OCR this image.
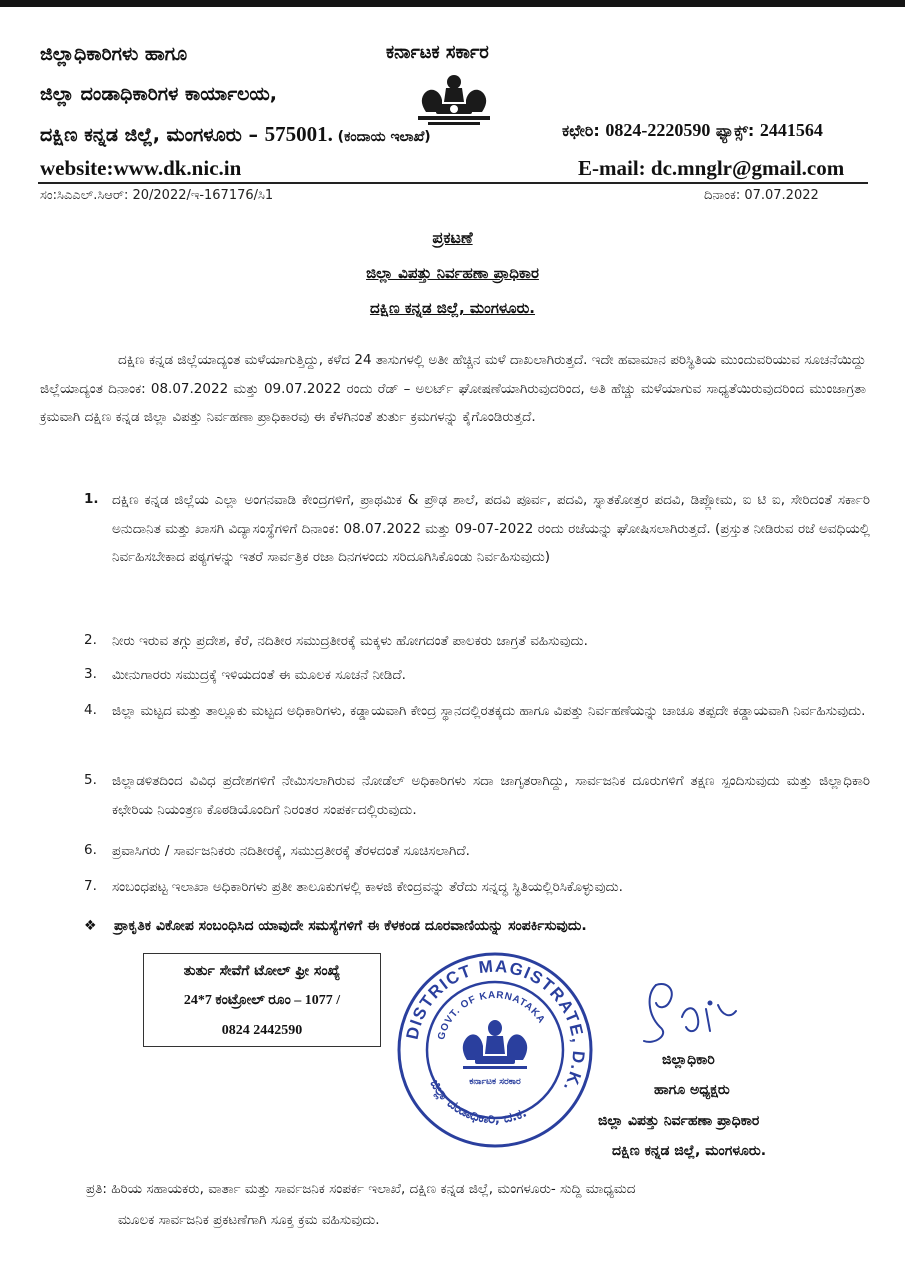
ಜಿಲ್ಲಾಧಿಕಾರಿಗಳು ಹಾಗೂ
ಜಿಲ್ಲಾ ದಂಡಾಧಿಕಾರಿಗಳ ಕಾರ್ಯಾಲಯ,
ದಕ್ಷಿಣ ಕನ್ನಡ ಜಿಲ್ಲೆ, ಮಂಗಳೂರು – 575001. (ಕಂದಾಯ ಇಲಾಖೆ)
ಕರ್ನಾಟಕ ಸರ್ಕಾರ
ಕಛೇರಿ: 0824-2220590 ಫ್ಯಾಕ್ಸ್: 2441564
website:www.dk.nic.in	E-mail: dc.mnglr@gmail.com
ಸಂ:ಸಿಎಎಲ್.ಸಿಆರ್: 20/2022/ಇ-167176/ಸಿ1	ದಿನಾಂಕ: 07.07.2022
ಪ್ರಕಟಣೆ
ಜಿಲ್ಲಾ ವಿಪತ್ತು ನಿರ್ವಹಣಾ ಪ್ರಾಧಿಕಾರ
ದಕ್ಷಿಣ ಕನ್ನಡ ಜಿಲ್ಲೆ, ಮಂಗಳೂರು.
ದಕ್ಷಿಣ ಕನ್ನಡ ಜಿಲ್ಲೆಯಾದ್ಯಂತ ಮಳೆಯಾಗುತ್ತಿದ್ದು, ಕಳೆದ 24 ತಾಸುಗಳಲ್ಲಿ ಅತೀ ಹೆಚ್ಚಿನ ಮಳೆ ದಾಖಲಾಗಿರುತ್ತದೆ. ಇದೇ ಹವಾಮಾನ ಪರಿಸ್ಥಿತಿಯ ಮುಂದುವರಿಯುವ ಸೂಚನೆಯಿದ್ದು ಜಿಲ್ಲೆಯಾದ್ಯಂತ ದಿನಾಂಕ: 08.07.2022 ಮತ್ತು 09.07.2022 ರಂದು ರೆಡ್ – ಅಲರ್ಟ್ ಘೋಷಣೆಯಾಗಿರುವುದರಿಂದ, ಅತಿ ಹೆಚ್ಚು ಮಳೆಯಾಗುವ ಸಾಧ್ಯತೆಯಿರುವುದರಿಂದ ಮುಂಜಾಗ್ರತಾ ಕ್ರಮವಾಗಿ ದಕ್ಷಿಣ ಕನ್ನಡ ಜಿಲ್ಲಾ ವಿಪತ್ತು ನಿರ್ವಹಣಾ ಪ್ರಾಧಿಕಾರವು ಈ ಕೆಳಗಿನಂತೆ ತುರ್ತು ಕ್ರಮಗಳನ್ನು ಕೈಗೊಂಡಿರುತ್ತದೆ.
1. ದಕ್ಷಿಣ ಕನ್ನಡ ಜಿಲ್ಲೆಯ ಎಲ್ಲಾ ಅಂಗನವಾಡಿ ಕೇಂದ್ರಗಳಿಗೆ, ಪ್ರಾಥಮಿಕ & ಪ್ರೌಢ ಶಾಲೆ, ಪದವಿ ಪೂರ್ವ, ಪದವಿ, ಸ್ನಾತಕೋತ್ತರ ಪದವಿ, ಡಿಪ್ಲೋಮ, ಐ ಟಿ ಐ, ಸೇರಿದಂತೆ ಸರ್ಕಾರಿ ಅನುದಾನಿತ ಮತ್ತು ಖಾಸಗಿ ವಿದ್ಯಾಸಂಸ್ಥೆಗಳಿಗೆ ದಿನಾಂಕ: 08.07.2022 ಮತ್ತು 09-07-2022 ರಂದು ರಜೆಯನ್ನು ಘೋಷಿಸಲಾಗಿರುತ್ತದೆ. (ಪ್ರಸ್ತುತ ನೀಡಿರುವ ರಜೆ ಅವಧಿಯಲ್ಲಿ ನಿರ್ವಹಿಸಬೇಕಾದ ಪಠ್ಯಗಳನ್ನು ಇತರೆ ಸಾರ್ವತ್ರಿಕ ರಜಾ ದಿನಗಳಂದು ಸರಿದೂಗಿಸಿಕೊಂಡು ನಿರ್ವಹಿಸುವುದು)
2.	ನೀರು ಇರುವ ತಗ್ಗು ಪ್ರದೇಶ, ಕೆರೆ, ನದಿತೀರ ಸಮುದ್ರತೀರಕ್ಕೆ ಮಕ್ಕಳು ಹೋಗದಂತೆ ಪಾಲಕರು ಜಾಗ್ರತೆ ವಹಿಸುವುದು.
3.	ಮೀನುಗಾರರು ಸಮುದ್ರಕ್ಕೆ ಇಳಿಯದಂತೆ ಈ ಮೂಲಕ ಸೂಚನೆ ನೀಡಿದೆ.
4.	ಜಿಲ್ಲಾ ಮಟ್ಟದ ಮತ್ತು ತಾಲ್ಲೂಕು ಮಟ್ಟದ ಅಧಿಕಾರಿಗಳು, ಕಡ್ಡಾಯವಾಗಿ ಕೇಂದ್ರ ಸ್ಥಾನದಲ್ಲಿರತಕ್ಕದು ಹಾಗೂ ವಿಪತ್ತು ನಿರ್ವಹಣೆಯನ್ನು ಚಾಚೂ ತಪ್ಪದೇ ಕಡ್ಡಾಯವಾಗಿ ನಿರ್ವಹಿಸುವುದು.
5.	ಜಿಲ್ಲಾಡಳಿತದಿಂದ ವಿವಿಧ ಪ್ರದೇಶಗಳಿಗೆ ನೇಮಿಸಲಾಗಿರುವ ನೋಡೆಲ್ ಅಧಿಕಾರಿಗಳು ಸದಾ ಜಾಗೃತರಾಗಿದ್ದು, ಸಾರ್ವಜನಿಕ ದೂರುಗಳಿಗೆ ತಕ್ಷಣ ಸ್ಪಂದಿಸುವುದು ಮತ್ತು ಜಿಲ್ಲಾಧಿಕಾರಿ ಕಛೇರಿಯ ನಿಯಂತ್ರಣ ಕೊಠಡಿಯೊಂದಿಗೆ ನಿರಂತರ ಸಂಪರ್ಕದಲ್ಲಿರುವುದು.
6.	ಪ್ರವಾಸಿಗರು / ಸಾರ್ವಜನಿಕರು ನದಿತೀರಕ್ಕೆ, ಸಮುದ್ರತೀರಕ್ಕೆ ತೆರಳದಂತೆ ಸೂಚಿಸಲಾಗಿದೆ.
7.	ಸಂಬಂಧಪಟ್ಟ ಇಲಾಖಾ ಅಧಿಕಾರಿಗಳು ಪ್ರತೀ ತಾಲೂಕುಗಳಲ್ಲಿ ಕಾಳಜಿ ಕೇಂದ್ರವನ್ನು ತೆರೆದು ಸನ್ನದ್ಧ ಸ್ಥಿತಿಯಲ್ಲಿರಿಸಿಕೊಳ್ಳುವುದು.
❖ ಪ್ರಾಕೃತಿಕ ವಿಕೋಪ ಸಂಬಂಧಿಸಿದ ಯಾವುದೇ ಸಮಸ್ಯೆಗಳಿಗೆ ಈ ಕೆಳಕಂಡ ದೂರವಾಣಿಯನ್ನು ಸಂಪರ್ಕಿಸುವುದು.
ತುರ್ತು ಸೇವೆಗೆ ಟೋಲ್ ಫ್ರೀ ಸಂಖ್ಯೆ
24*7 ಕಂಟ್ರೋಲ್ ರೂಂ – 1077 /
0824 2442590	DISTRICT MAGISTRATE, D.K.
GOVT. OF KARNATAKA
ಕರ್ನಾಟಕ ಸರಕಾರ
ಜಿಲ್ಲಾ ದಂಡಾಧಿಕಾರಿ, ದ.ಕ.
ಜಿಲ್ಲಾಧಿಕಾರಿ
ಹಾಗೂ ಅಧ್ಯಕ್ಷರು
ಜಿಲ್ಲಾ ವಿಪತ್ತು ನಿರ್ವಹಣಾ ಪ್ರಾಧಿಕಾರ
ದಕ್ಷಿಣ ಕನ್ನಡ ಜಿಲ್ಲೆ, ಮಂಗಳೂರು.
ಪ್ರತಿ: ಹಿರಿಯ ಸಹಾಯಕರು, ವಾರ್ತಾ ಮತ್ತು ಸಾರ್ವಜನಿಕ ಸಂಪರ್ಕ ಇಲಾಖೆ, ದಕ್ಷಿಣ ಕನ್ನಡ ಜಿಲ್ಲೆ, ಮಂಗಳೂರು- ಸುದ್ದಿ ಮಾಧ್ಯಮದ
ಮೂಲಕ ಸಾರ್ವಜನಿಕ ಪ್ರಕಟಣೆಗಾಗಿ ಸೂಕ್ತ ಕ್ರಮ ವಹಿಸುವುದು.
